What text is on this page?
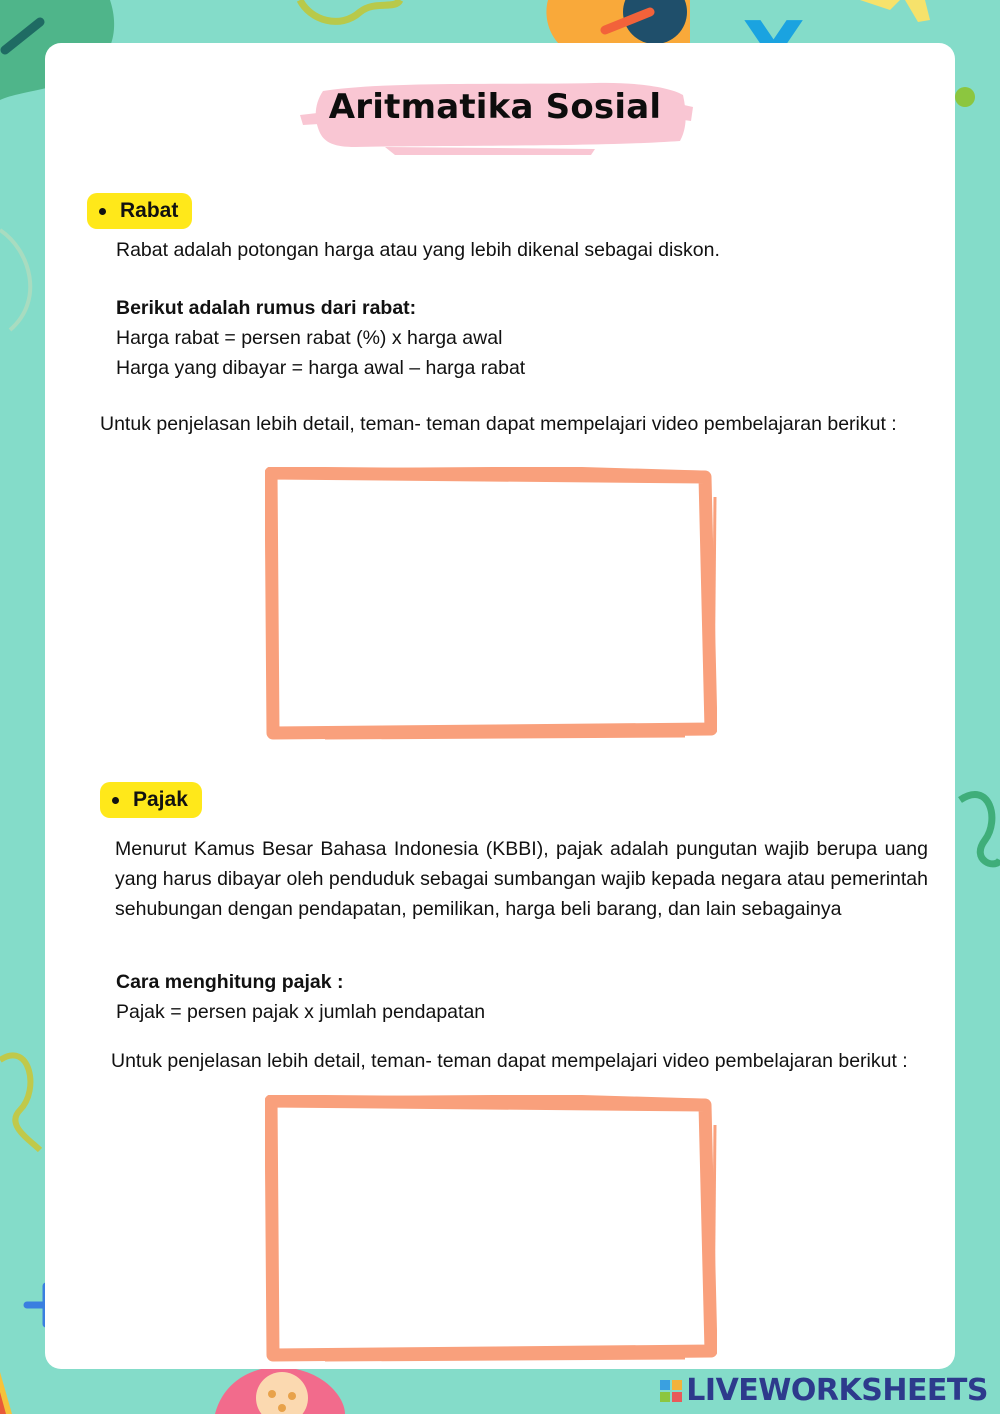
Aritmatika Sosial
Rabat
Rabat adalah potongan harga atau yang lebih dikenal sebagai diskon.
Berikut adalah rumus dari rabat:
Harga rabat = persen rabat (%) x harga awal
Harga yang dibayar = harga awal – harga rabat
Untuk penjelasan lebih detail, teman- teman dapat mempelajari video pembelajaran berikut :
Pajak
Menurut Kamus Besar Bahasa Indonesia (KBBI), pajak adalah pungutan wajib berupa uang yang harus dibayar oleh penduduk sebagai sumbangan wajib kepada negara atau pemerintah sehubungan dengan pendapatan, pemilikan, harga beli barang, dan lain sebagainya
Cara menghitung pajak :
Pajak = persen pajak x jumlah pendapatan
Untuk penjelasan lebih detail, teman- teman dapat mempelajari video pembelajaran berikut :
LIVEWORKSHEETS
